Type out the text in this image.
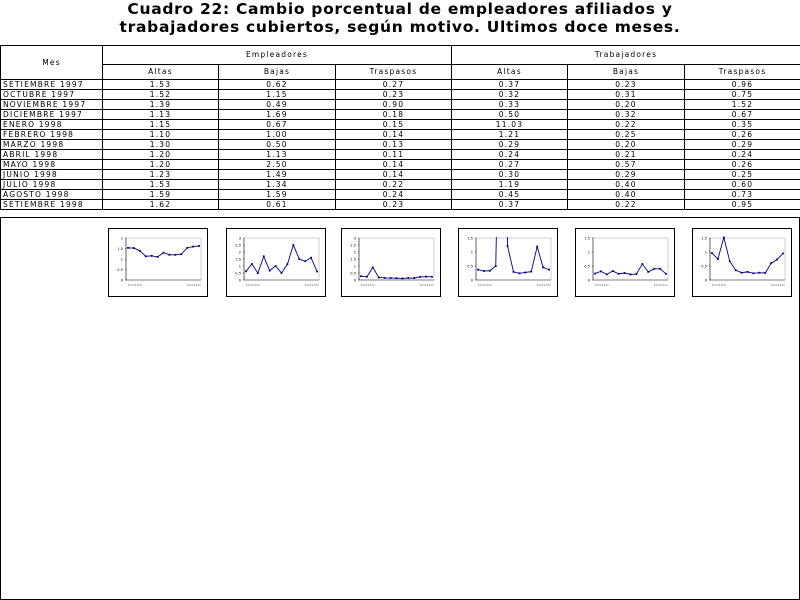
Cuadro 22: Cambio porcentual de empleadores afiliados y
trabajadores cubiertos, según motivo. Ultimos doce meses.
Mes	Empleadores			Trabajadores		
	Altas	Bajas	Traspasos	Altas	Bajas	Traspasos
SETIEMBRE 1997	1.53	0.62	0.27	0.37	0.23	0.96
OCTUBRE 1997	1.52	1.15	0.23	0.32	0.31	0.75
NOVIEMBRE 1997	1.39	0.49	0.90	0.33	0.20	1.52
DICIEMBRE 1997	1.13	1.69	0.18	0.50	0.32	0.67
ENERO 1998	1.15	0.67	0.15	11.03	0.22	0.35
FEBRERO 1998	1.10	1.00	0.14	1.21	0.25	0.26
MARZO 1998	1.30	0.50	0.13	0.29	0.20	0.29
ABRIL 1998	1.20	1.13	0.11	0.24	0.21	0.24
MAYO 1998	1.20	2.50	0.14	0.27	0.57	0.26
JUNIO 1998	1.23	1.49	0.14	0.30	0.29	0.25
JULIO 1998	1.53	1.34	0.22	1.19	0.40	0.60
AGOSTO 1998	1.59	1.59	0.24	0.45	0.40	0.73
SETIEMBRE 1998	1.62	0.61	0.23	0.37	0.22	0.95
2
1.5
1
0.5
0
3
2.5
2
1.5
1
0.5
0
3
2.5
2
1.5
1
0.5
0
1.5
1
0.5
0
1.5
1
0.5
0
1.5
1
0.5
0
